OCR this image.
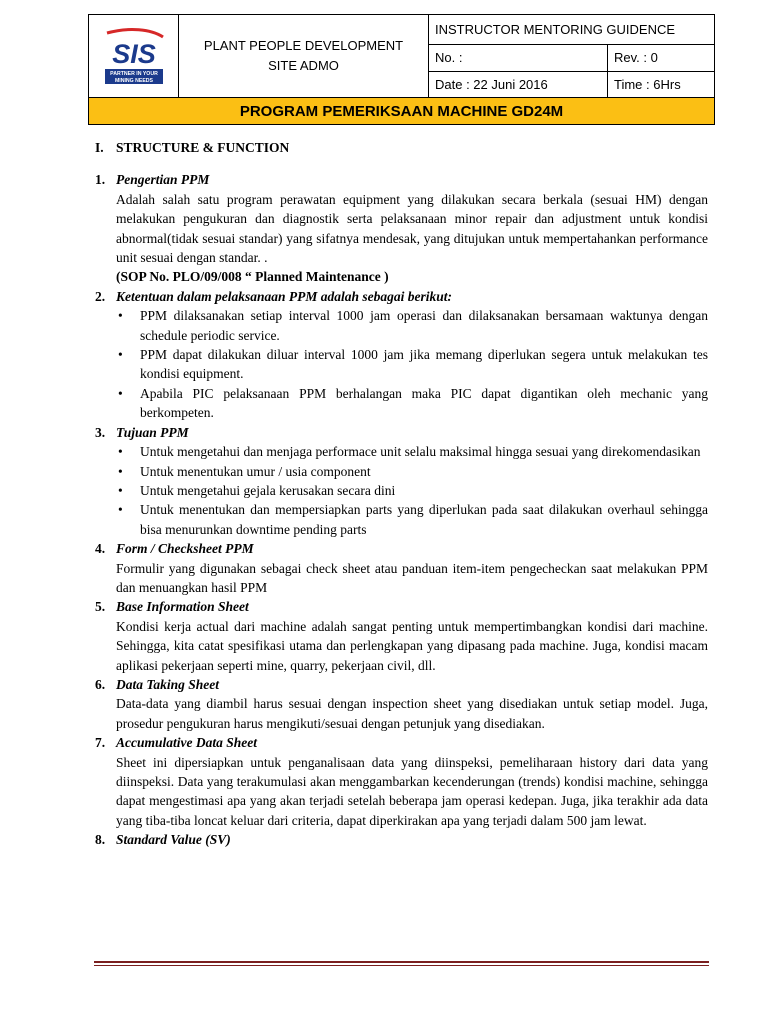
SIS
PARTNER IN YOUR
MINING NEEDS
PLANT PEOPLE DEVELOPMENT
SITE ADMO
INSTRUCTOR MENTORING GUIDENCE
No. :	Rev. : 0
Date : 22 Juni 2016	Time : 6Hrs
PROGRAM PEMERIKSAAN MACHINE GD24M
I. STRUCTURE & FUNCTION
1. Pengertian PPM

Adalah salah satu program perawatan equipment yang dilakukan secara berkala (sesuai HM) dengan melakukan pengukuran dan diagnostik serta pelaksanaan minor repair dan adjustment untuk kondisi abnormal(tidak sesuai standar) yang sifatnya mendesak, yang ditujukan untuk mempertahankan performance unit sesuai dengan standar. .

(SOP No. PLO/09/008 “ Planned Maintenance )

2. Ketentuan dalam pelaksanaan PPM adalah sebagai berikut:
• PPM dilaksanakan setiap interval 1000 jam operasi dan dilaksanakan bersamaan waktunya dengan schedule periodic service.
• PPM dapat dilakukan diluar interval 1000 jam jika memang diperlukan segera untuk melakukan tes kondisi equipment.
• Apabila PIC pelaksanaan PPM berhalangan maka PIC dapat digantikan oleh mechanic yang berkompeten.
3. Tujuan PPM
• Untuk mengetahui dan menjaga performace unit selalu maksimal hingga sesuai yang direkomendasikan
• Untuk menentukan umur / usia component
• Untuk mengetahui gejala kerusakan secara dini
• Untuk menentukan dan mempersiapkan parts yang diperlukan pada saat dilakukan overhaul sehingga bisa menurunkan downtime pending parts
4. Form / Checksheet PPM

Formulir yang digunakan sebagai check sheet atau panduan item-item pengecheckan saat melakukan PPM dan menuangkan hasil PPM

5. Base Information Sheet

Kondisi kerja actual dari machine adalah sangat penting untuk mempertimbangkan kondisi dari machine. Sehingga, kita catat spesifikasi utama dan perlengkapan yang dipasang pada machine. Juga, kondisi macam aplikasi pekerjaan seperti mine, quarry, pekerjaan civil, dll.

6. Data Taking Sheet

Data-data yang diambil harus sesuai dengan inspection sheet yang disediakan untuk setiap model. Juga, prosedur pengukuran harus mengikuti/sesuai dengan petunjuk yang disediakan.

7. Accumulative Data Sheet

Sheet ini dipersiapkan untuk penganalisaan data yang diinspeksi, pemeliharaan history dari data yang diinspeksi. Data yang terakumulasi akan menggambarkan kecenderungan (trends) kondisi machine, sehingga dapat mengestimasi apa yang akan terjadi setelah beberapa jam operasi kedepan. Juga, jika terakhir ada data yang tiba-tiba loncat keluar dari criteria, dapat diperkirakan apa yang terjadi dalam 500 jam lewat.

8. Standard Value (SV)
